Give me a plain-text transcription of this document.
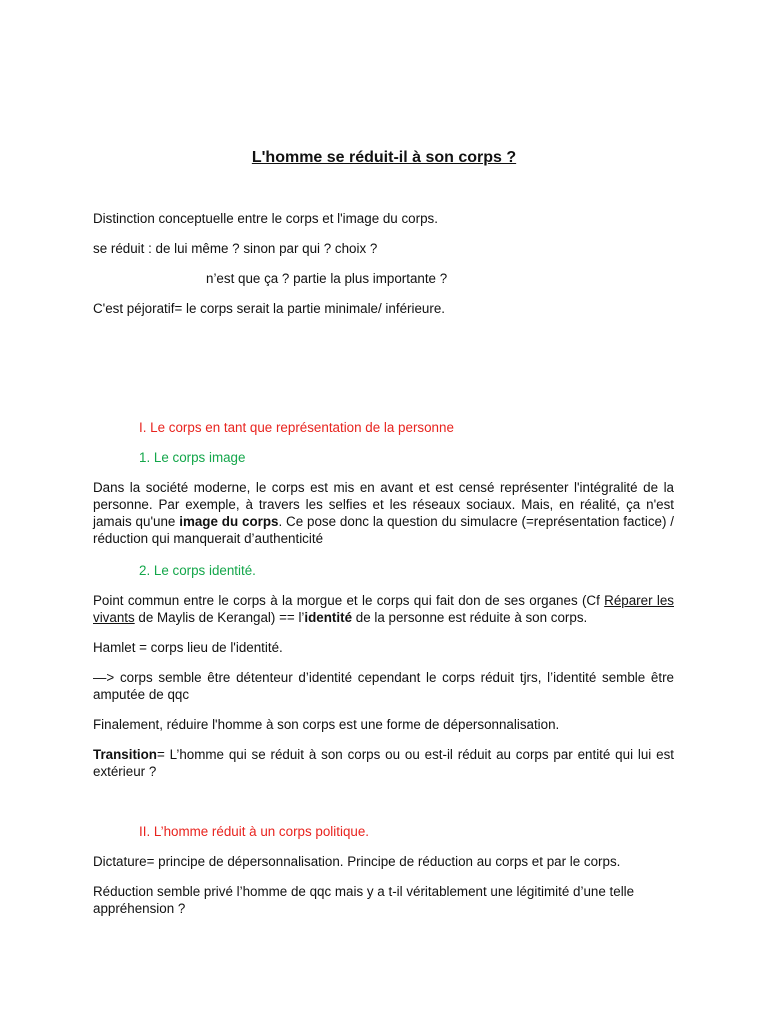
L'homme se réduit-il à son corps ?

Distinction conceptuelle entre le corps et l'image du corps.

se réduit : de lui même ? sinon par qui ? choix ?

n’est que ça ? partie la plus importante ?

C'est péjoratif= le corps serait la partie minimale/ inférieure.

I. Le corps en tant que représentation de la personne

1. Le corps image

Dans la société moderne, le corps est mis en avant et est censé représenter l'intégralité de la personne. Par exemple, à travers les selfies et les réseaux sociaux. Mais, en réalité, ça n'est jamais qu'une image du corps. Ce pose donc la question du simulacre (=représentation factice) / réduction qui manquerait d’authenticité

2. Le corps identité.

Point commun entre le corps à la morgue et le corps qui fait don de ses organes (Cf Réparer les vivants de Maylis de Kerangal) == l’identité de la personne est réduite à son corps.

Hamlet = corps lieu de l'identité.

—> corps semble être détenteur d’identité cependant le corps réduit tjrs, l’identité semble être amputée de qqc

Finalement, réduire l'homme à son corps est une forme de dépersonnalisation.

Transition= L’homme qui se réduit à son corps ou ou est-il réduit au corps par entité qui lui est extérieur ?

II. L’homme réduit à un corps politique.

Dictature= principe de dépersonnalisation. Principe de réduction au corps et par le corps.

Réduction semble privé l’homme de qqc mais y a t-il véritablement une légitimité d’une telle appréhension ?
